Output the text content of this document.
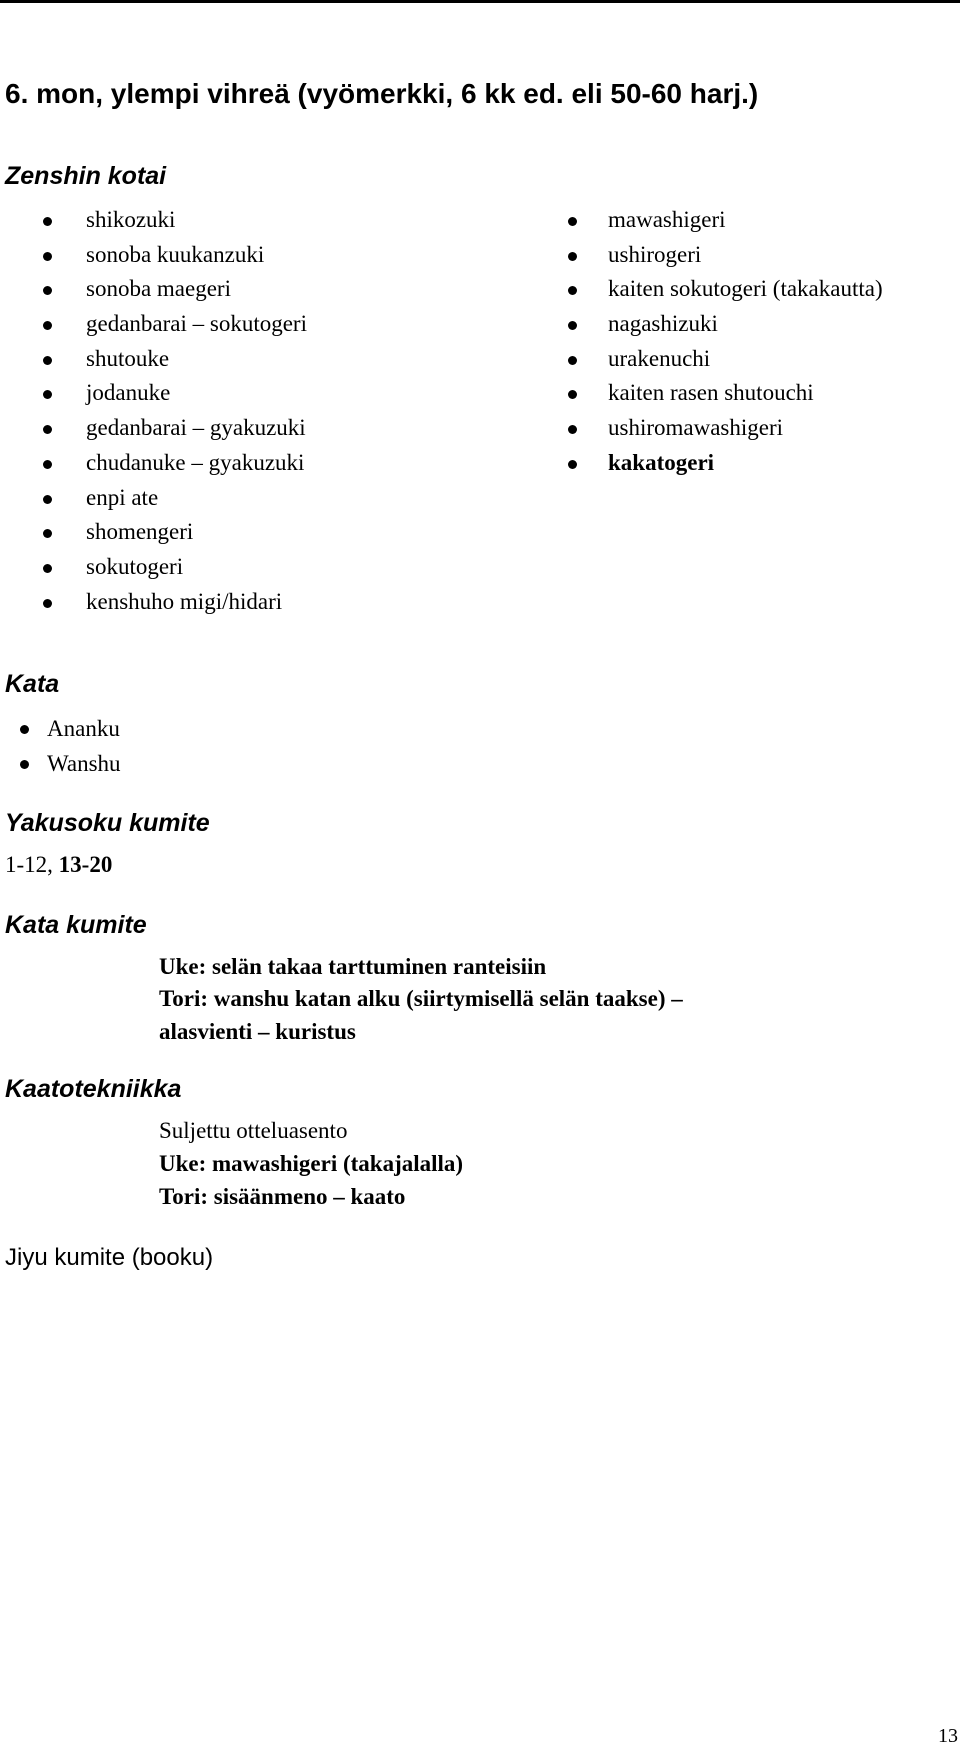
6. mon, ylempi vihreä (vyömerkki, 6 kk ed. eli 50-60 harj.)
Zenshin kotai
shikozuki
sonoba kuukanzuki
sonoba maegeri
gedanbarai – sokutogeri
shutouke
jodanuke
gedanbarai – gyakuzuki
chudanuke – gyakuzuki
enpi ate
shomengeri
sokutogeri
kenshuho migi/hidari
mawashigeri
ushirogeri
kaiten sokutogeri (takakautta)
nagashizuki
urakenuchi
kaiten rasen shutouchi
ushiromawashigeri
kakatogeri
Kata
Ananku
Wanshu
Yakusoku kumite
1-12, 13-20
Kata kumite
Uke: selän takaa tarttuminen ranteisiin
Tori: wanshu katan alku (siirtymisellä selän taakse) –
alasvienti – kuristus
Kaatotekniikka
Suljettu otteluasento
Uke: mawashigeri (takajalalla)
Tori: sisäänmeno – kaato
Jiyu kumite (booku)
13
